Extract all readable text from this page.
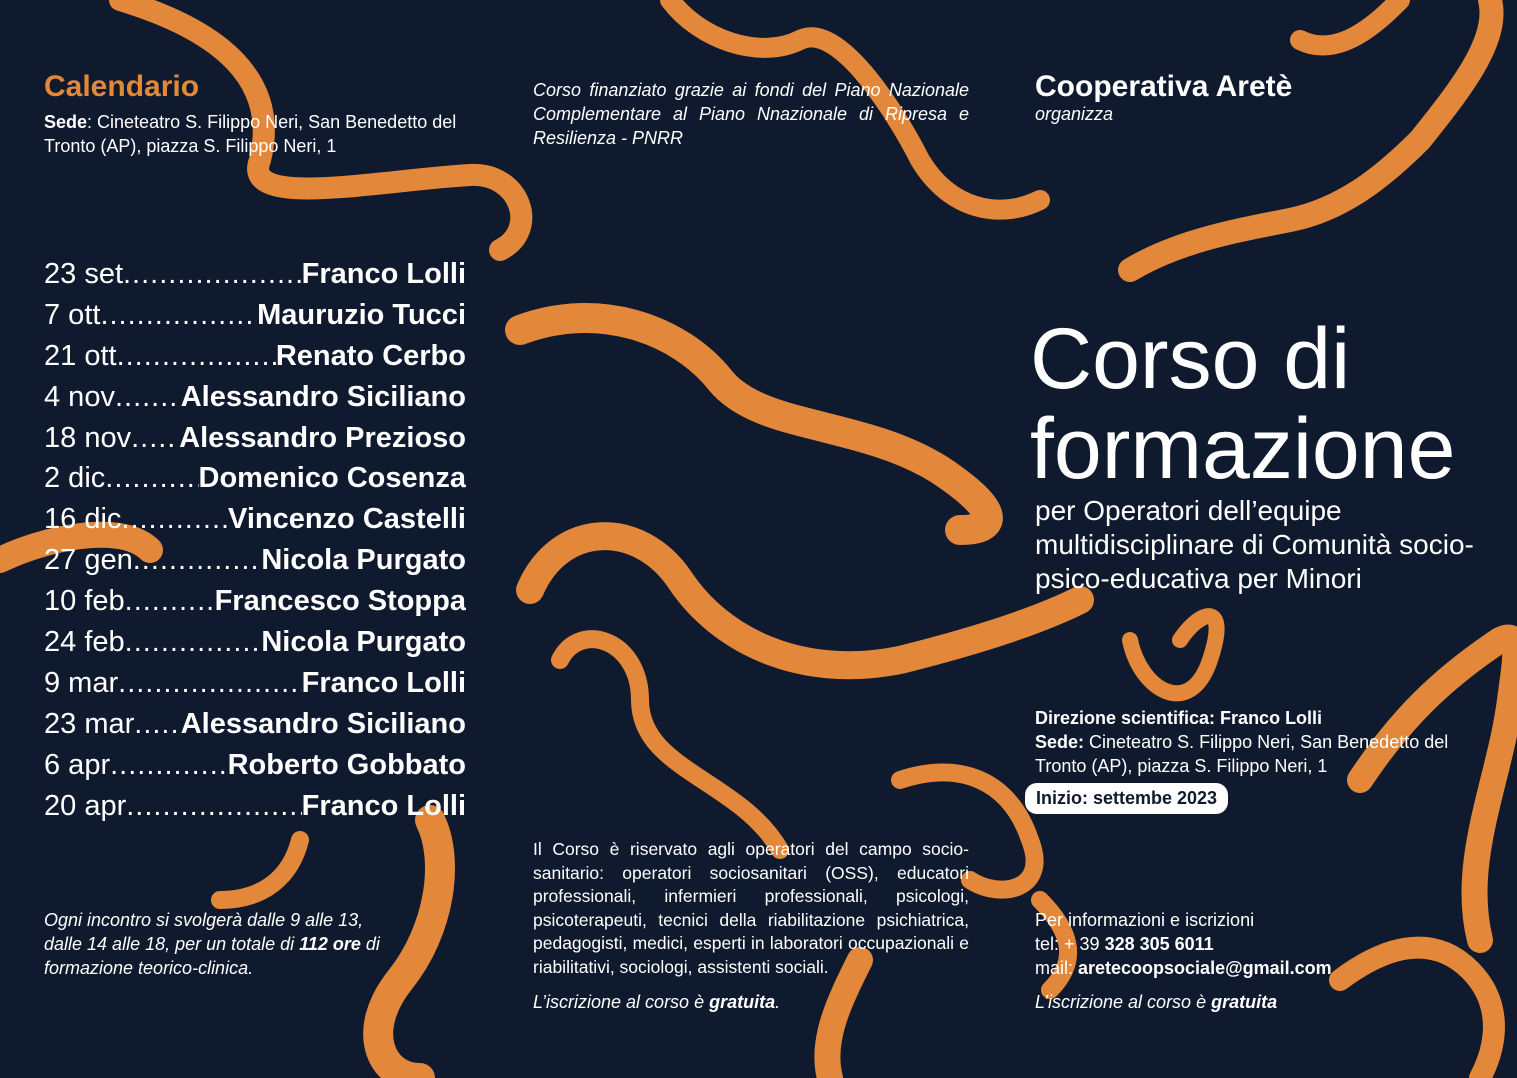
Calendario
Sede: Cineteatro S. Filippo Neri, San Benedetto del Tronto (AP), piazza S. Filippo Neri, 1
23 set .....	Franco Lolli
7 ott .....	Mauruzio Tucci
21 ott .....	Renato Cerbo
4 nov ..... Alessandro Siciliano
18 nov ..... Alessandro Prezioso
2 dic .....	Domenico Cosenza
16 dic .....	Vincenzo Castelli
27 gen .....	Nicola Purgato
10 feb .....	Francesco Stoppa
24 feb .....	Nicola Purgato
9 mar .....	Franco Lolli
23 mar ..... Alessandro Siciliano
6 apr .....	Roberto Gobbato
20 apr .....	Franco Lolli
Ogni incontro si svolgerà dalle 9 alle 13, dalle 14 alle 18, per un totale di 112 ore di formazione teorico-clinica.
Corso finanziato grazie ai fondi del Piano Nazionale Complementare al Piano Nnazionale di Ripresa e Resilienza - PNRR
Il Corso è riservato agli operatori del campo socio-sanitario: operatori sociosanitari (OSS), educatori professionali, infermieri professionali, psicologi, psicoterapeuti, tecnici della riabilitazione psichiatrica, pedagogisti, medici, esperti in laboratori occupazionali e riabilitativi, sociologi, assistenti sociali.
L’iscrizione al corso è gratuita.
Cooperativa Aretè
organizza
Corso di
formazione
per Operatori dell’equipe multidisciplinare di Comunità socio-psico-educativa per Minori
Direzione scientifica: Franco Lolli
Sede: Cineteatro S. Filippo Neri, San Benedetto del Tronto (AP), piazza S. Filippo Neri, 1
Inizio: settembe 2023
Per informazioni e iscrizioni
tel: + 39 328 305 6011
mail: aretecoopsociale@gmail.com
L’iscrizione al corso è gratuita
